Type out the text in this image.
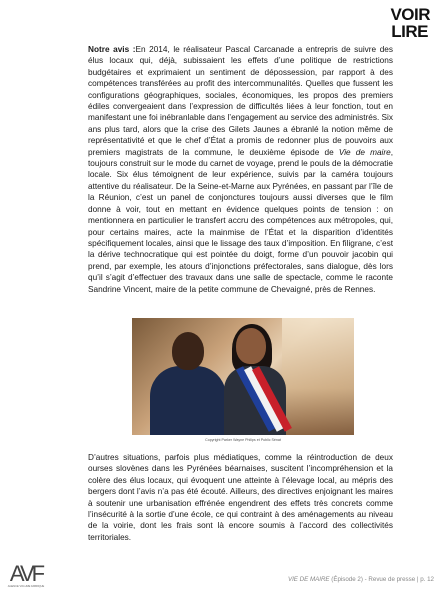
VOIR
LIRE

Notre avis :En 2014, le réalisateur Pascal Carcanade a entrepris de suivre des élus locaux qui, déjà, subissaient les effets d’une politique de restrictions budgétaires et exprimaient un sentiment de dépossession, par rapport à des compétences transférées au profit des intercommunalités. Quelles que fussent les configurations géographiques, sociales, économiques, les propos des premiers édiles convergeaient dans l’expression de difficultés liées à leur fonction, tout en manifestant une foi inébranlable dans l’engagement au service des administrés. Six ans plus tard, alors que la crise des Gilets Jaunes a ébranlé la notion même de représentativité et que le chef d’État a promis de redonner plus de pouvoirs aux premiers magistrats de la commune, le deuxième épisode de Vie de maire, toujours construit sur le mode du carnet de voyage, prend le pouls de la démocratie locale. Six élus témoignent de leur expérience, suivis par la caméra toujours attentive du réalisateur. De la Seine-et-Marne aux Pyrénées, en passant par l’île de la Réunion, c’est un panel de conjonctures toujours aussi diverses que le film donne à voir, tout en mettant en évidence quelques points de tension : on mentionnera en particulier le transfert accru des compétences aux métropoles, qui, pour certains maires, acte la mainmise de l’État et la disparition d’identités spécifiquement locales, ainsi que le lissage des taux d’imposition. En filigrane, c’est la dérive technocratique qui est pointée du doigt, forme d’un pouvoir jacobin qui prend, par exemple, les atours d’injonctions préfectorales, sans dialogue, dès lors qu’il s’agit d’effectuer des travaux dans une salle de spectacle, comme le raconte Sandrine Vincent, maire de la petite commune de Chevaigné, près de Rennes.

Copyright Parker Wayne Philips et Public Sénat

D’autres situations, parfois plus médiatiques, comme la réintroduction de deux ourses slovènes dans les Pyrénées béarnaises, suscitent l’incompréhension et la colère des élus locaux, qui évoquent une atteinte à l’élevage local, au mépris des bergers dont l’avis n’a pas été écouté. Ailleurs, des directives enjoignant les maires à soutenir une urbanisation effrénée engendrent des effets très concrets comme l’insécurité à la sortie d’une école, ce qui contraint à des aménagements au niveau de la voirie, dont les frais sont là encore soumis à l’accord des collectivités territoriales.

AVF
AGENCE VOLUME FABRIQUE
VIE DE MAIRE (Épisode 2) - Revue de presse | p. 12
